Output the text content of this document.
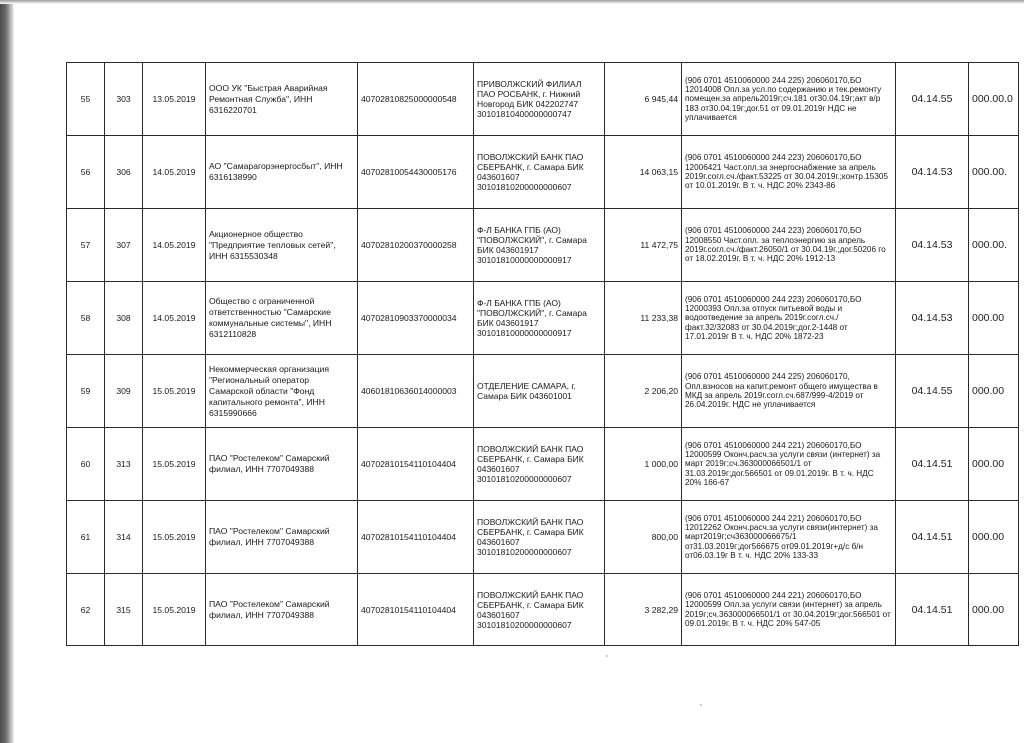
55	303	13.05.2019	ООО УК "Быстрая Аварийная Ремонтная Служба", ИНН 6316220701	40702810825000000548	ПРИВОЛЖСКИЙ ФИЛИАЛ ПАО РОСБАНК, г. Нижний Новгород БИК 042202747 30101810400000000747	6 945,44	(906 0701 4510060000 244 225) 206060170,БО 12014008 Опл.за усл.по содержанию и тек.ремонту помещен.за апрель2019г;сч.181 от30.04.19г;акт в/р 183 от30.04.19г;дог.51 от 09.01.2019г НДС не уплачивается	04.14.55	000.00.0
56	306	14.05.2019	АО "Самарагорэнергосбыт", ИНН 6316138990	40702810054430005176	ПОВОЛЖСКИЙ БАНК ПАО СБЕРБАНК, г. Самара БИК 043601607 30101810200000000607	14 063,15	(906 0701 4510060000 244 223) 206060170,БО 12006421 Част.опл.за энергоснабжение за апрель 2019г.согл.сч./факт.53225 от 30.04.2019г.;контр.15305 от 10.01.2019г. В т. ч. НДС 20% 2343-86	04.14.53	000.00.
57	307	14.05.2019	Акционерное общество "Предприятие тепловых сетей", ИНН 6315530348	40702810200370000258	Ф-Л БАНКА ГПБ (АО) "ПОВОЛЖСКИЙ", г. Самара БИК 043601917 30101810000000000917	11 472,75	(906 0701 4510060000 244 223) 206060170,БО 12008550 Част.опл. за теплоэнергию за апрель 2019г.согл.сч./факт.26050/1 от 30.04.19г.;дог.50206 го от 18.02.2019г. В т. ч. НДС 20% 1912-13	04.14.53	000.00.
58	308	14.05.2019	Общество с ограниченной ответственностью "Самарские коммунальные системы", ИНН 6312110828	40702810903370000034	Ф-Л БАНКА ГПБ (АО) "ПОВОЛЖСКИЙ", г. Самара БИК 043601917 30101810000000000917	11 233,38	(906 0701 4510060000 244 223) 206060170,БО 12000393 Опл.за отпуск питьевой воды и водоотведение за апрель 2019г.согл.сч./факт.32/32083 от 30.04.2019г;дог.2-1448 от 17.01.2019г В т. ч. НДС 20% 1872-23	04.14.53	000.00
59	309	15.05.2019	Некоммерческая организация "Региональный оператор Самарской области "Фонд капитального ремонта", ИНН 6315990666	40601810636014000003	ОТДЕЛЕНИЕ САМАРА, г. Самара БИК 043601001	2 206,20	(906 0701 4510060000 244 225) 206060170, Опл.взносов на капит.ремонт общего имущества в МКД за апрель 2019г.согл.сч.687/999-4/2019 от 26.04.2019г. НДС не уплачивается	04.14.55	000.00
60	313	15.05.2019	ПАО "Ростелеком" Самарский филиал, ИНН 7707049388	40702810154110104404	ПОВОЛЖСКИЙ БАНК ПАО СБЕРБАНК, г. Самара БИК 043601607 30101810200000000607	1 000,00	(906 0701 4510060000 244 221) 206060170,БО 12000599 Оконч.расч.за услуги связи (интернет) за март 2019г;сч.363000066501/1 от 31.03.2019г;дог.566501 от 09.01.2019г. В т. ч. НДС 20% 166-67	04.14.51	000.00
61	314	15.05.2019	ПАО "Ростелеком" Самарский филиал, ИНН 7707049388	40702810154110104404	ПОВОЛЖСКИЙ БАНК ПАО СБЕРБАНК, г. Самара БИК 043601607 30101810200000000607	800,00	(906 0701 4510060000 244 221) 206060170,БО 12012262 Оконч.расч.за услуги связи(интернет) за март2019г;сч363000066675/1 от31.03.2019г;дог566675 от09.01.2019г+д/с б/н от06.03.19г В т. ч. НДС 20% 133-33	04.14.51	000.00
62	315	15.05.2019	ПАО "Ростелеком" Самарский филиал, ИНН 7707049388	40702810154110104404	ПОВОЛЖСКИЙ БАНК ПАО СБЕРБАНК, г. Самара БИК 043601607 30101810200000000607	3 282,29	(906 0701 4510060000 244 221) 206060170,БО 12000599 Опл.за услуги связи (интернет) за апрель 2019г;сч.363000066501/1 от 30.04.2019г;дог.566501 от 09.01.2019г. В т. ч. НДС 20% 547-05	04.14.51	000.00
